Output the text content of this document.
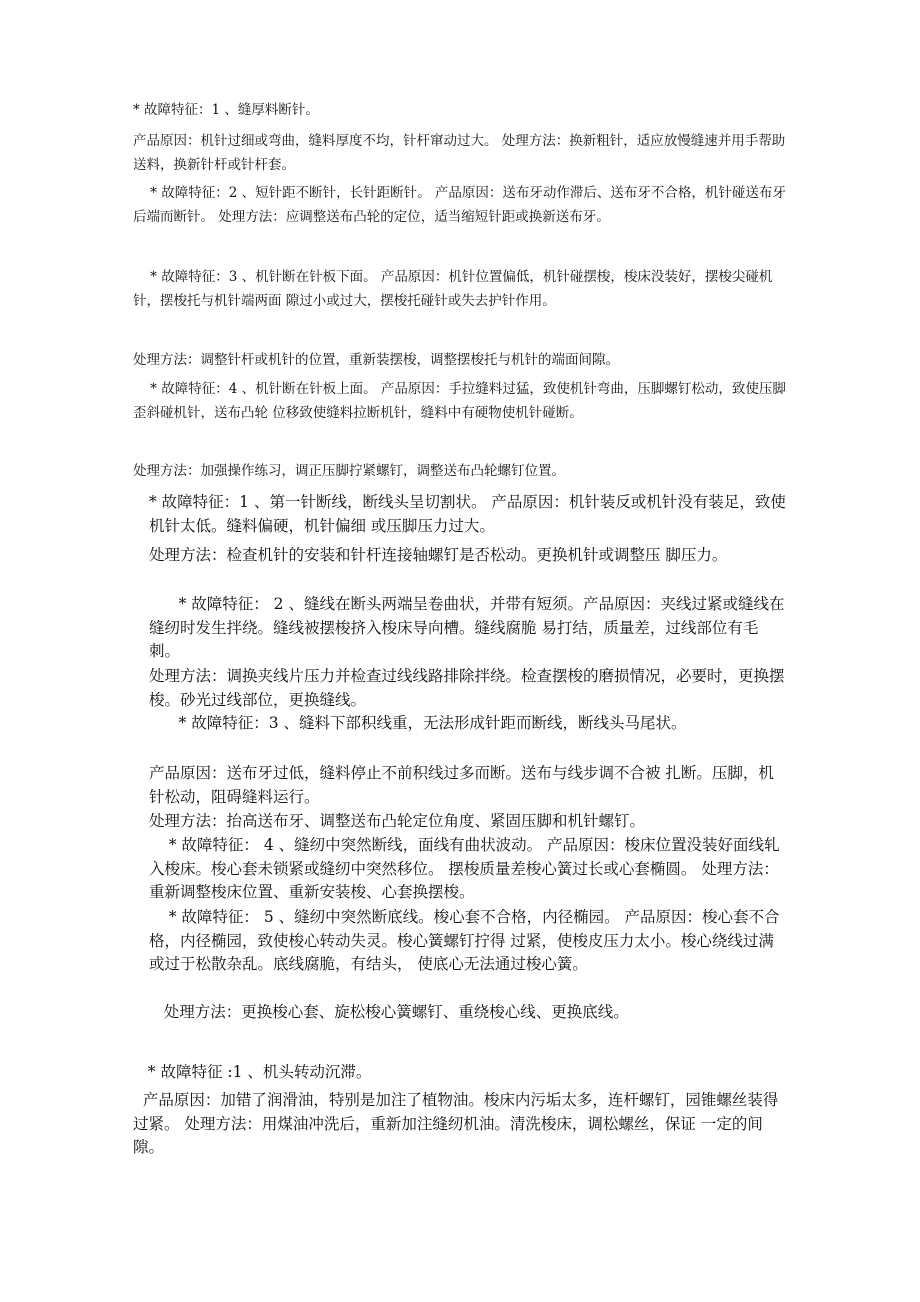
* 故障特征：1 、缝厚料断针。

产品原因：机针过细或弯曲，缝料厚度不均，针杆窜动过大。 处理方法：换新粗针，适应放慢缝速并用手帮助送料，换新针杆或针杆套。

* 故障特征：2 、短针距不断针，长针距断针。 产品原因：送布牙动作滞后、送布牙不合格，机针碰送布牙后端而断针。 处理方法：应调整送布凸轮的定位，适当缩短针距或换新送布牙。

* 故障特征：3 、机针断在针板下面。 产品原因：机针位置偏低，机针碰摆梭，梭床没装好，摆梭尖碰机针，摆梭托与机针端两面 隙过小或过大，摆梭托碰针或失去护针作用。

处理方法：调整针杆或机针的位置，重新装摆梭，调整摆梭托与机针的端面间隙。

* 故障特征：4 、机针断在针板上面。 产品原因：手拉缝料过猛，致使机针弯曲，压脚螺钉松动，致使压脚歪斜碰机针，送布凸轮 位移致使缝料拉断机针，缝料中有硬物使机针碰断。

处理方法：加强操作练习，调正压脚拧紧螺钉，调整送布凸轮螺钉位置。

* 故障特征：1 、第一针断线，断线头呈切割状。 产品原因：机针装反或机针没有装足，致使机针太低。缝料偏硬，机针偏细 或压脚压力过大。

处理方法：检查机针的安装和针杆连接轴螺钉是否松动。更换机针或调整压 脚压力。

* 故障特征： 2 、缝线在断头两端呈卷曲状，并带有短须。产品原因：夹线过紧或缝线在缝纫时发生拌绕。缝线被摆梭挤入梭床导向槽。缝线腐脆 易打结，质量差，过线部位有毛刺。

处理方法：调换夹线片压力并检查过线线路排除拌绕。检查摆梭的磨损情况，必要时，更换摆梭。砂光过线部位，更换缝线。

* 故障特征：3 、缝料下部积线重，无法形成针距而断线，断线头马尾状。

产品原因：送布牙过低，缝料停止不前积线过多而断。送布与线步调不合被 扎断。压脚，机针松动，阻碍缝料运行。

处理方法：抬高送布牙、调整送布凸轮定位角度、紧固压脚和机针螺钉。

* 故障特征： 4 、缝纫中突然断线，面线有曲状波动。 产品原因：梭床位置没装好面线轧入梭床。梭心套未锁紧或缝纫中突然移位。 摆梭质量差梭心簧过长或心套椭圆。 处理方法：重新调整梭床位置、重新安装梭、心套换摆梭。

* 故障特征： 5 、缝纫中突然断底线。梭心套不合格，内径椭园。 产品原因：梭心套不合格，内径椭园，致使梭心转动失灵。梭心簧螺钉拧得 过紧，使梭皮压力太小。梭心绕线过满或过于松散杂乱。底线腐脆，有结头， 使底心无法通过梭心簧。

处理方法：更换梭心套、旋松梭心簧螺钉、重绕梭心线、更换底线。

* 故障特征 :1 、机头转动沉滞。

产品原因：加错了润滑油，特别是加注了植物油。梭床内污垢太多，连杆螺钉，园锥螺丝装得过紧。 处理方法：用煤油冲洗后，重新加注缝纫机油。清洗梭床，调松螺丝，保证 一定的间隙。
